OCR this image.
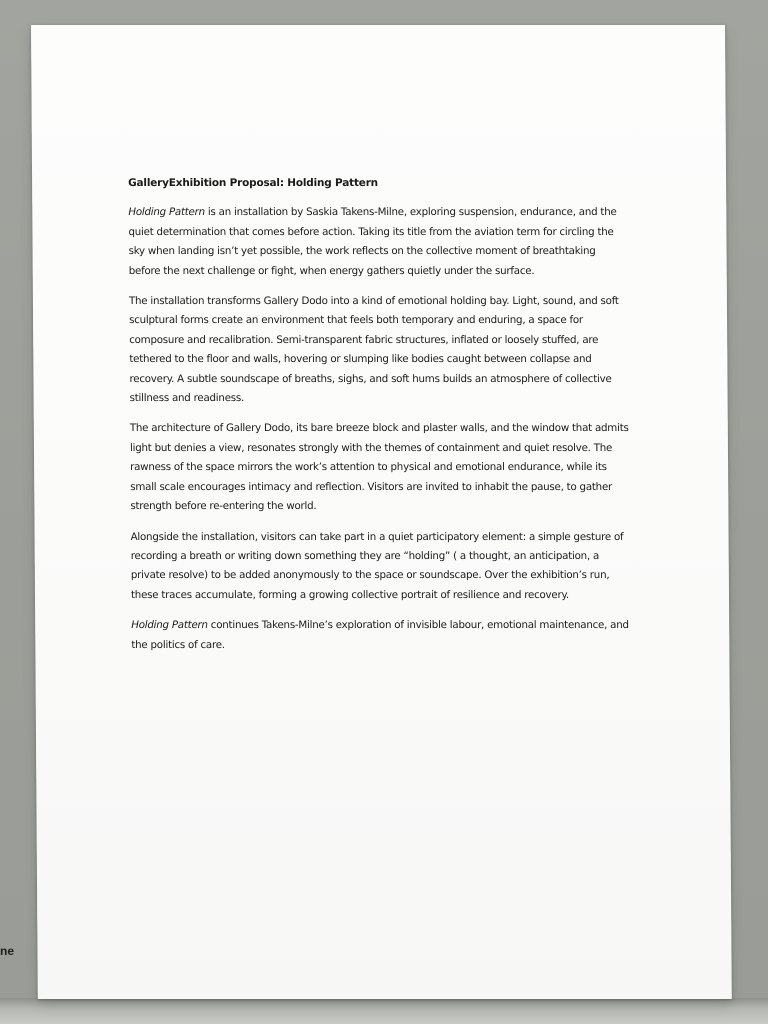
ne
GalleryExhibition Proposal: Holding Pattern

Holding Pattern is an installation by Saskia Takens-Milne, exploring suspension, endurance, and the quiet determination that comes before action. Taking its title from the aviation term for circling the sky when landing isn’t yet possible, the work reflects on the collective moment of breathtaking before the next challenge or fight, when energy gathers quietly under the surface.

The installation transforms Gallery Dodo into a kind of emotional holding bay. Light, sound, and soft sculptural forms create an environment that feels both temporary and enduring, a space for composure and recalibration. Semi-transparent fabric structures, inflated or loosely stuffed, are tethered to the floor and walls, hovering or slumping like bodies caught between collapse and recovery. A subtle soundscape of breaths, sighs, and soft hums builds an atmosphere of collective stillness and readiness.

The architecture of Gallery Dodo, its bare breeze block and plaster walls, and the window that admits light but denies a view, resonates strongly with the themes of containment and quiet resolve. The rawness of the space mirrors the work’s attention to physical and emotional endurance, while its small scale encourages intimacy and reflection. Visitors are invited to inhabit the pause, to gather strength before re-entering the world.

Alongside the installation, visitors can take part in a quiet participatory element: a simple gesture of recording a breath or writing down something they are “holding” ( a thought, an anticipation, a private resolve) to be added anonymously to the space or soundscape. Over the exhibition’s run, these traces accumulate, forming a growing collective portrait of resilience and recovery.

Holding Pattern continues Takens-Milne’s exploration of invisible labour, emotional maintenance, and the politics of care.
